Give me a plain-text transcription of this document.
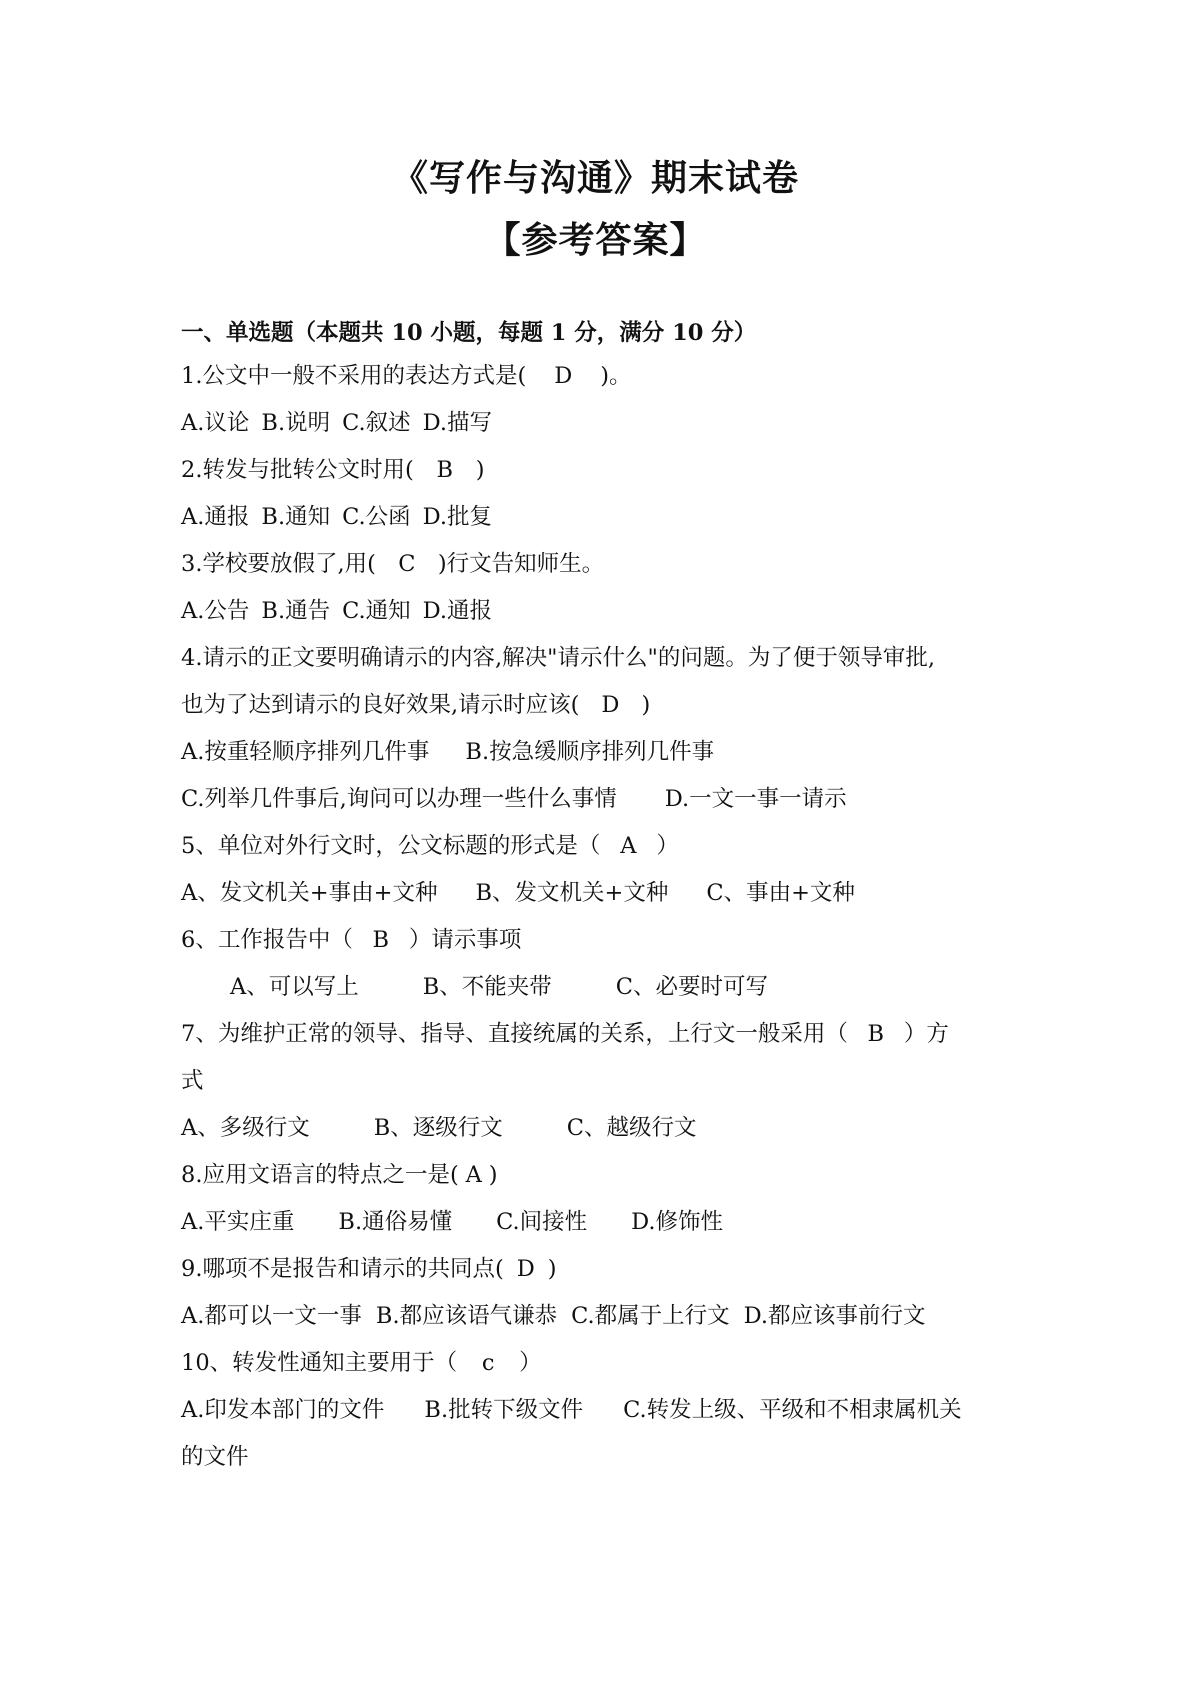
《写作与沟通》期末试卷
【参考答案】
一、单选题（本题共 10 小题，每题 1 分，满分 10 分）
1.公文中一般不采用的表达方式是( D )。
A.议论 B.说明 C.叙述 D.描写
2.转发与批转公文时用( B )
A.通报 B.通知 C.公函 D.批复
3.学校要放假了,用( C )行文告知师生。
A.公告 B.通告 C.通知 D.通报
4.请示的正文要明确请示的内容,解决"请示什么"的问题。为了便于领导审批,
也为了达到请示的良好效果,请示时应该( D )
A.按重轻顺序排列几件事 B.按急缓顺序排列几件事
C.列举几件事后,询问可以办理一些什么事情 D.一文一事一请示
5、单位对外行文时，公文标题的形式是（ A ）
A、发文机关+事由+文种 B、发文机关+文种 C、事由+文种
6、工作报告中（ B ）请示事项
A、可以写上	B、不能夹带	C、必要时可写
7、为维护正常的领导、指导、直接统属的关系，上行文一般采用（ B ）方
式
A、多级行文	B、逐级行文	C、越级行文
8.应用文语言的特点之一是( A )
A.平实庄重 B.通俗易懂 C.间接性 D.修饰性
9.哪项不是报告和请示的共同点( D )
A.都可以一文一事 B.都应该语气谦恭 C.都属于上行文 D.都应该事前行文
10、转发性通知主要用于（ c ）
A.印发本部门的文件 B.批转下级文件 C.转发上级、平级和不相隶属机关
的文件
